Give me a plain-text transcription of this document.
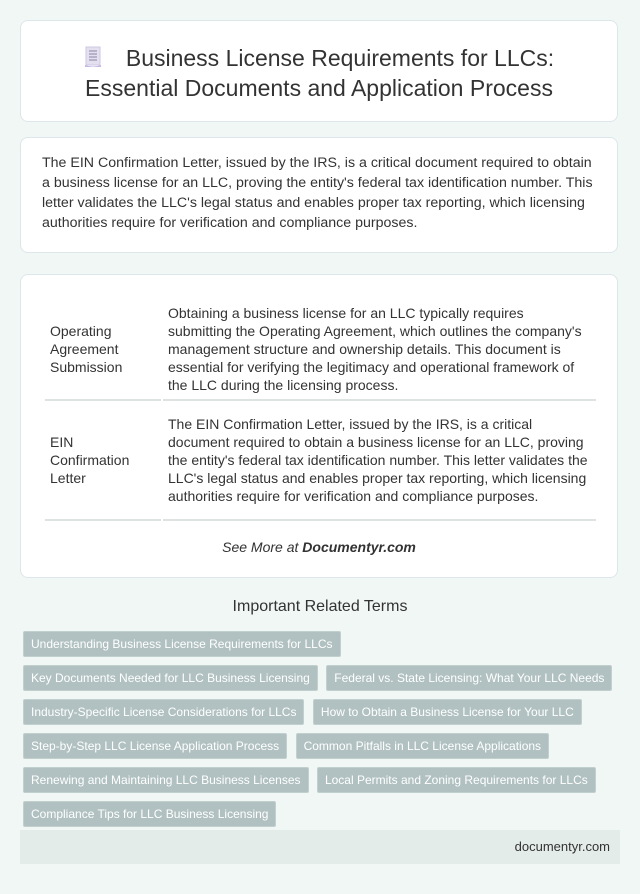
Business License Requirements for LLCs:
Essential Documents and Application Process

The EIN Confirmation Letter, issued by the IRS, is a critical document required to obtain a business license for an LLC, proving the entity's federal tax identification number. This letter validates the LLC's legal status and enables proper tax reporting, which licensing authorities require for verification and compliance purposes.

Operating Agreement Submission	Obtaining a business license for an LLC typically requires submitting the Operating Agreement, which outlines the company's management structure and ownership details. This document is essential for verifying the legitimacy and operational framework of the LLC during the licensing process.
EIN Confirmation Letter	The EIN Confirmation Letter, issued by the IRS, is a critical document required to obtain a business license for an LLC, proving the entity's federal tax identification number. This letter validates the LLC's legal status and enables proper tax reporting, which licensing authorities require for verification and compliance purposes.
See More at Documentyr.com
Important Related Terms
Understanding Business License Requirements for LLCs
Key Documents Needed for LLC Business Licensing Federal vs. State Licensing: What Your LLC Needs
Industry-Specific License Considerations for LLCs How to Obtain a Business License for Your LLC
Step-by-Step LLC License Application Process Common Pitfalls in LLC License Applications
Renewing and Maintaining LLC Business Licenses Local Permits and Zoning Requirements for LLCs
Compliance Tips for LLC Business Licensing
documentyr.com
